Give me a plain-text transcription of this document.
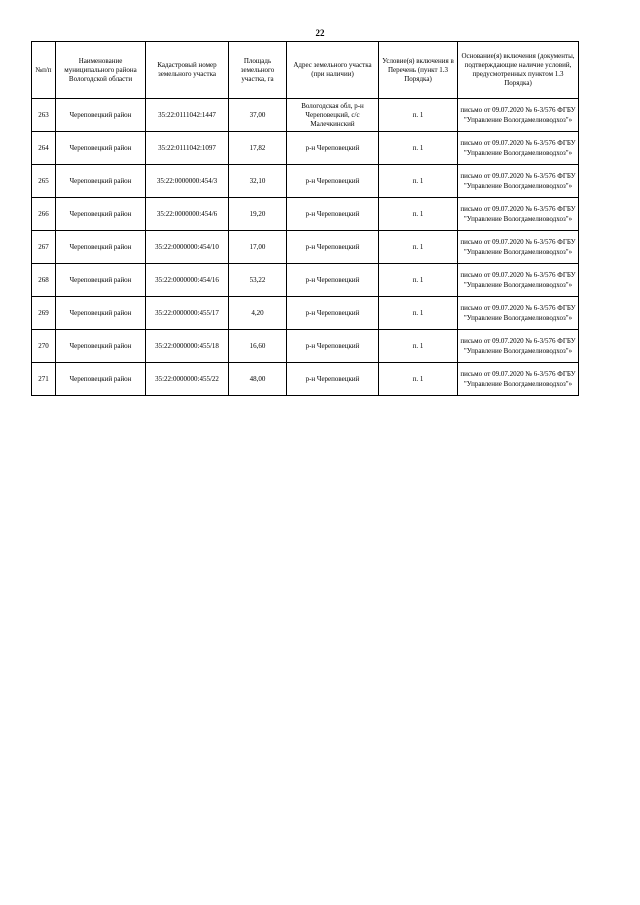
22
№п/п	Наименование муниципального района Вологодской области	Кадастровый номер земельного участка	Площадь земельного участка, га	Адрес земельного участка (при наличии)	Условие(я) включения в Перечень (пункт 1.3 Порядка)	Основание(я) включения (документы, подтверждающие наличие условий, предусмотренных пунктом 1.3 Порядка)
263	Череповецкий район	35:22:0111042:1447	37,00	Вологодская обл, р-н Череповецкий, с/с Малечкинский	п. 1	письмо от 09.07.2020 № 6-3/576 ФГБУ "Управление Вологдамелиоводхоз"»
264	Череповецкий район	35:22:0111042:1097	17,82	р-н Череповецкий	п. 1	письмо от 09.07.2020 № 6-3/576 ФГБУ "Управление Вологдамелиоводхоз"»
265	Череповецкий район	35:22:0000000:454/3	32,10	р-н Череповецкий	п. 1	письмо от 09.07.2020 № 6-3/576 ФГБУ "Управление Вологдамелиоводхоз"»
266	Череповецкий район	35:22:0000000:454/6	19,20	р-н Череповецкий	п. 1	письмо от 09.07.2020 № 6-3/576 ФГБУ "Управление Вологдамелиоводхоз"»
267	Череповецкий район	35:22:0000000:454/10	17,00	р-н Череповецкий	п. 1	письмо от 09.07.2020 № 6-3/576 ФГБУ "Управление Вологдамелиоводхоз"»
268	Череповецкий район	35:22:0000000:454/16	53,22	р-н Череповецкий	п. 1	письмо от 09.07.2020 № 6-3/576 ФГБУ "Управление Вологдамелиоводхоз"»
269	Череповецкий район	35:22:0000000:455/17	4,20	р-н Череповецкий	п. 1	письмо от 09.07.2020 № 6-3/576 ФГБУ "Управление Вологдамелиоводхоз"»
270	Череповецкий район	35:22:0000000:455/18	16,60	р-н Череповецкий	п. 1	письмо от 09.07.2020 № 6-3/576 ФГБУ "Управление Вологдамелиоводхоз"»
271	Череповецкий район	35:22:0000000:455/22	48,00	р-н Череповецкий	п. 1	письмо от 09.07.2020 № 6-3/576 ФГБУ "Управление Вологдамелиоводхоз"»
